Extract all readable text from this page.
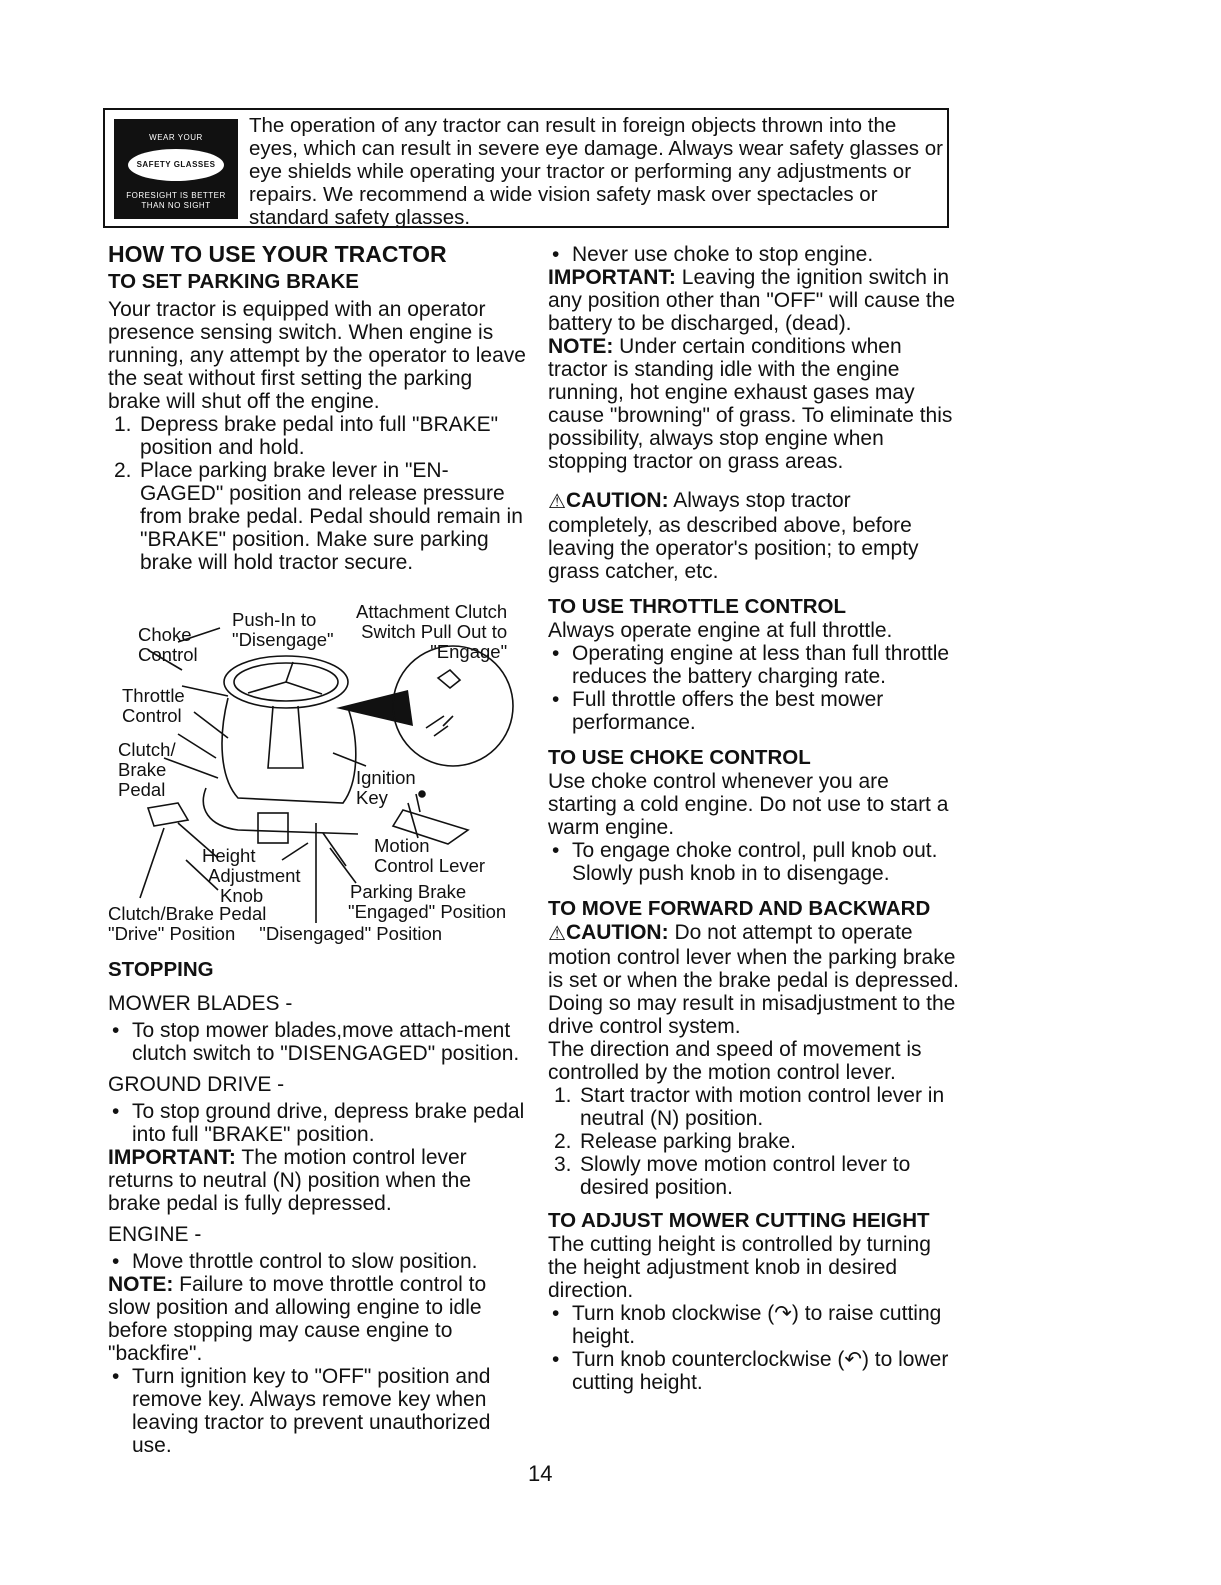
WEAR YOUR
SAFETY GLASSES
FORESIGHT IS BETTER
THAN NO SIGHT
The operation of any tractor can result in foreign objects thrown into the eyes, which can result in severe eye damage. Always wear safety glasses or eye shields while operating your tractor or performing any adjustments or repairs. We recommend a wide vision safety mask over spectacles or standard safety glasses.

HOW TO USE YOUR TRACTOR

TO SET PARKING BRAKE

Your tractor is equipped with an operator presence sensing switch. When engine is running, any attempt by the operator to leave the seat without first setting the parking brake will shut off the engine.

1. Depress brake pedal into full "BRAKE" position and hold.
2. Place parking brake lever in "EN-GAGED" position and release pressure from brake pedal. Pedal should remain in "BRAKE" position. Make sure parking brake will hold tractor secure.
Choke
Control
Push-In to
"Disengage"
Attachment Clutch
Switch Pull Out to
"Engage"
Throttle
Control
Clutch/
Brake
Pedal
Ignition
Key
Motion
Control Lever
Height
Adjustment
Knob	Parking Brake
"Engaged" Position
Clutch/Brake Pedal
"Drive" Position "Disengaged" Position

STOPPING

MOWER BLADES -

• To stop mower blades,move attach-ment clutch switch to "DISENGAGED" position.

GROUND DRIVE -

• To stop ground drive, depress brake pedal into full "BRAKE" position.

IMPORTANT: The motion control lever returns to neutral (N) position when the brake pedal is fully depressed.

ENGINE -

• Move throttle control to slow position.

NOTE: Failure to move throttle control to slow position and allowing engine to idle before stopping may cause engine to "backfire".

• Turn ignition key to "OFF" position and remove key. Always remove key when leaving tractor to prevent unauthorized use.
• Never use choke to stop engine.

IMPORTANT: Leaving the ignition switch in any position other than "OFF" will cause the battery to be discharged, (dead).

NOTE: Under certain conditions when tractor is standing idle with the engine running, hot engine exhaust gases may cause "browning" of grass. To eliminate this possibility, always stop engine when stopping tractor on grass areas.

⚠CAUTION: Always stop tractor completely, as described above, before leaving the operator's position; to empty grass catcher, etc.

TO USE THROTTLE CONTROL

Always operate engine at full throttle.

• Operating engine at less than full throttle reduces the battery charging rate.
• Full throttle offers the best mower performance.

TO USE CHOKE CONTROL

Use choke control whenever you are starting a cold engine. Do not use to start a warm engine.

• To engage choke control, pull knob out. Slowly push knob in to disengage.

TO MOVE FORWARD AND BACKWARD

⚠CAUTION: Do not attempt to operate motion control lever when the parking brake is set or when the brake pedal is depressed. Doing so may result in misadjustment to the drive control system.

The direction and speed of movement is controlled by the motion control lever.

1. Start tractor with motion control lever in neutral (N) position.
2. Release parking brake.
3. Slowly move motion control lever to desired position.

TO ADJUST MOWER CUTTING HEIGHT

The cutting height is controlled by turning the height adjustment knob in desired direction.

• Turn knob clockwise (↷) to raise cutting height.
• Turn knob counterclockwise (↶) to lower cutting height.
14
